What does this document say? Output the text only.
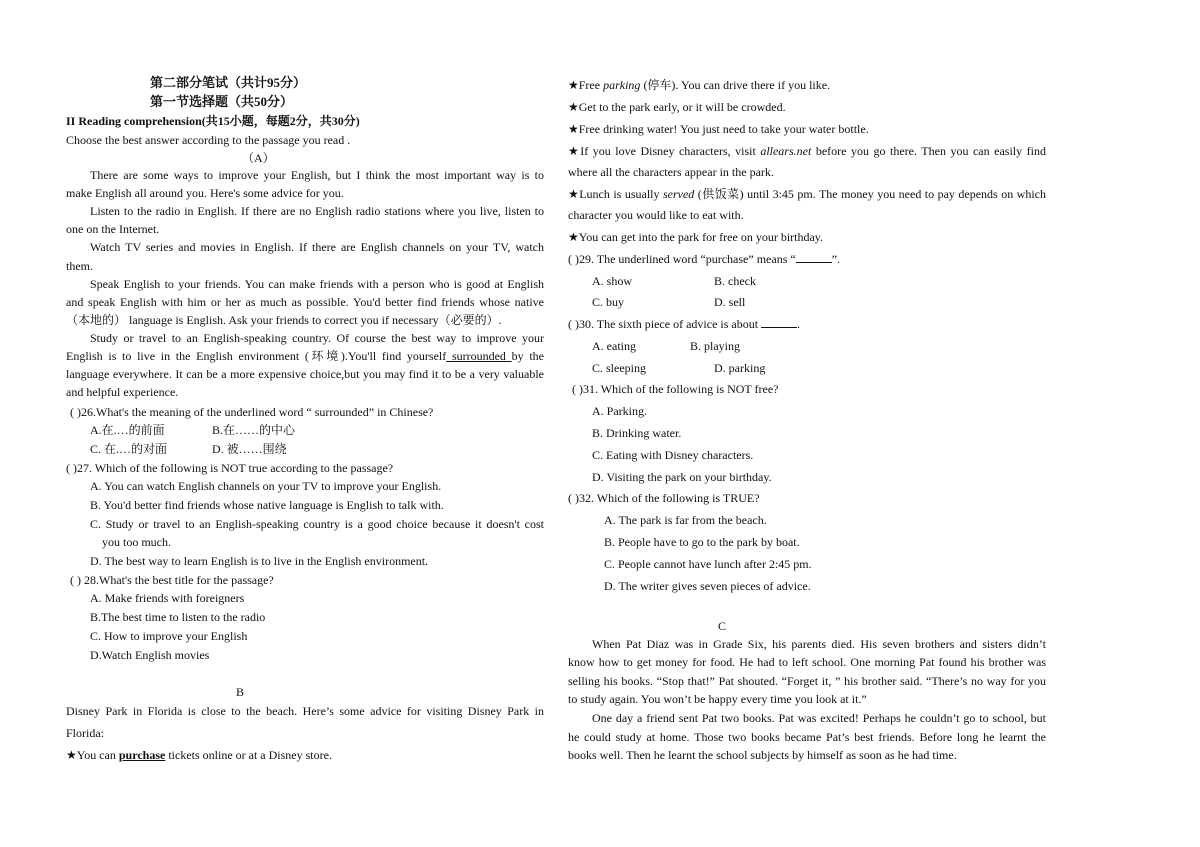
第二部分笔试（共计95分）
第一节选择题（共50分）
II Reading comprehension(共15小题，每题2分，共30分)
Choose the best answer according to the passage you read .
（A）
There are some ways to improve your English, but I think the most important way is to
make English all around you. Here's some advice for you.
Listen to the radio in English. If there are no English radio stations where you live, listen to
one on the Internet.
Watch TV series and movies in English. If there are English channels on your TV, watch
them.
Speak English to your friends. You can make friends with a person who is good at English
and speak English with him or her as much as possible. You'd better find friends whose native
（本地的） language is English. Ask your friends to correct you if necessary（必要的）.
Study or travel to an English-speaking country. Of course the best way to improve your
English is to live in the English environment (环境).You'll find yourself surrounded by the
language everywhere. It can be a more expensive choice,but you may find it to be a very valuable
and helpful experience.
( )26.What's the meaning of the underlined word “ surrounded” in Chinese?
A.在.…的前面	B.在……的中心
C. 在.…的对面	D. 被……围绕
( )27. Which of the following is NOT true according to the passage?
A. You can watch English channels on your TV to improve your English.
B. You'd better find friends whose native language is English to talk with.
C. Study or travel to an English-speaking country is a good choice because it doesn't cost
you too much.
D. The best way to learn English is to live in the English environment.
( ) 28.What's the best title for the passage?
A. Make friends with foreigners
B.The best time to listen to the radio
C. How to improve your English
D.Watch English movies
B
Disney Park in Florida is close to the beach. Here’s some advice for visiting Disney Park in
Florida:
★You can purchase tickets online or at a Disney store.
★Free parking (停车). You can drive there if you like.
★Get to the park early, or it will be crowded.
★Free drinking water! You just need to take your water bottle.
★If you love Disney characters, visit allears.net before you go there. Then you can easily find
where all the characters appear in the park.
★Lunch is usually served (供饭菜) until 3:45 pm. The money you need to pay depends on which
character you would like to eat with.
★You can get into the park for free on your birthday.
( )29. The underlined word “purchase” means “	”.
A. show	B. check
C. buy	D. sell
( )30. The sixth piece of advice is about	.
A. eating	B. playing
C. sleeping	D. parking
( )31. Which of the following is NOT free?
A. Parking.
B. Drinking water.
C. Eating with Disney characters.
D. Visiting the park on your birthday.
( )32. Which of the following is TRUE?
A. The park is far from the beach.
B. People have to go to the park by boat.
C. People cannot have lunch after 2:45 pm.
D. The writer gives seven pieces of advice.
C
When Pat Diaz was in Grade Six, his parents died. His seven brothers and sisters didn’t
know how to get money for food. He had to left school. One morning Pat found his brother was
selling his books. “Stop that!” Pat shouted. “Forget it, ” his brother said. “There’s no way for you
to study again. You won’t be happy every time you look at it.”
One day a friend sent Pat two books. Pat was excited! Perhaps he couldn’t go to school, but
he could study at home. Those two books became Pat’s best friends. Before long he learnt the
books well. Then he learnt the school subjects by himself as soon as he had time.
